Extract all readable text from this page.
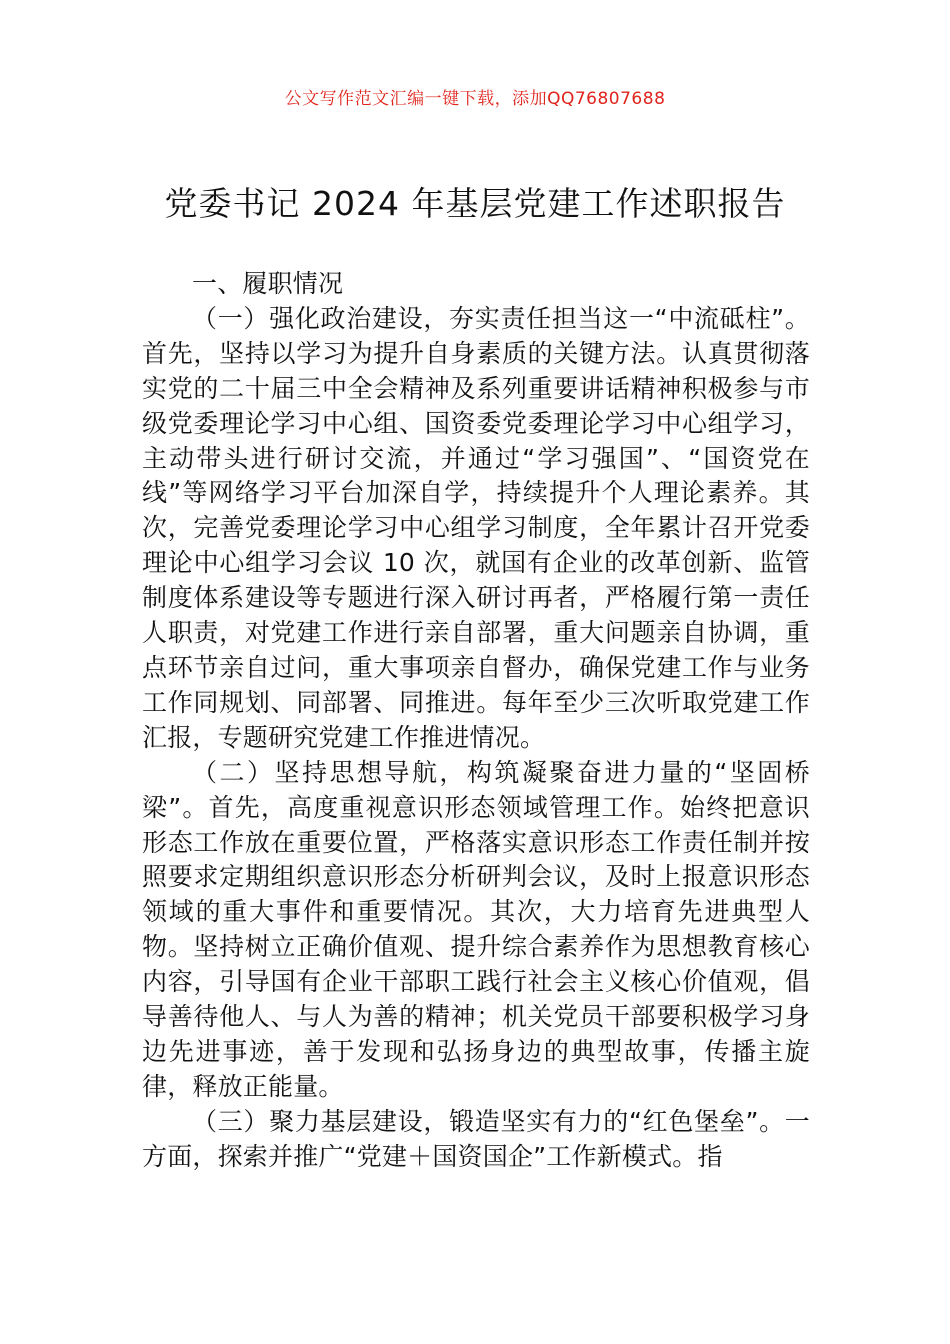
公文写作范文汇编一键下载，添加QQ76807688
党委书记 2024 年基层党建工作述职报告

一、履职情况

（一）强化政治建设，夯实责任担当这一“中流砥柱”。首先，坚持以学习为提升自身素质的关键方法。认真贯彻落实党的二十届三中全会精神及系列重要讲话精神积极参与市级党委理论学习中心组、国资委党委理论学习中心组学习，主动带头进行研讨交流，并通过“学习强国”、“国资党在线”等网络学习平台加深自学，持续提升个人理论素养。其次，完善党委理论学习中心组学习制度，全年累计召开党委理论中心组学习会议 10 次，就国有企业的改革创新、监管制度体系建设等专题进行深入研讨再者，严格履行第一责任人职责，对党建工作进行亲自部署，重大问题亲自协调，重点环节亲自过问，重大事项亲自督办，确保党建工作与业务工作同规划、同部署、同推进。每年至少三次听取党建工作汇报，专题研究党建工作推进情况。

（二）坚持思想导航，构筑凝聚奋进力量的“坚固桥梁”。首先，高度重视意识形态领域管理工作。始终把意识形态工作放在重要位置，严格落实意识形态工作责任制并按照要求定期组织意识形态分析研判会议，及时上报意识形态领域的重大事件和重要情况。其次，大力培育先进典型人物。坚持树立正确价值观、提升综合素养作为思想教育核心内容，引导国有企业干部职工践行社会主义核心价值观，倡导善待他人、与人为善的精神；机关党员干部要积极学习身边先进事迹，善于发现和弘扬身边的典型故事，传播主旋律，释放正能量。

（三）聚力基层建设，锻造坚实有力的“红色堡垒”。一方面，探索并推广“党建＋国资国企”工作新模式。指
